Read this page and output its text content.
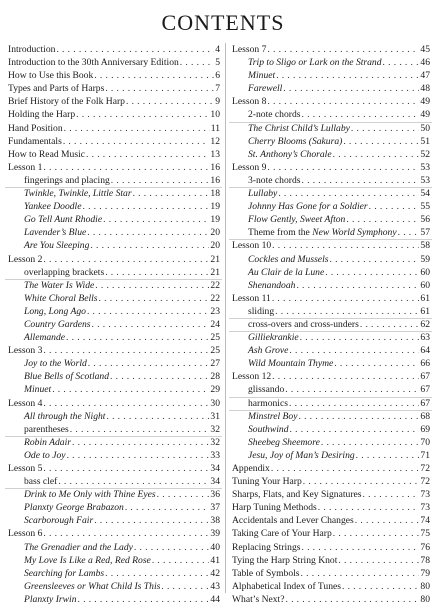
CONTENTS
Introduction . . .	4
Introduction to the 30th Anniversary Edition . . .	5
How to Use this Book . . .	6
Types and Parts of Harps . . .	7
Brief History of the Folk Harp . . .	9
Holding the Harp . . .	10
Hand Position . . .	11
Fundamentals . . .	12
How to Read Music . . .	13
Lesson 1 . . .	16
fingerings and placing . . .	16
Twinkle, Twinkle, Little Star . . .	18
Yankee Doodle . . .	19
Go Tell Aunt Rhodie . . .	19
Lavender’s Blue . . .	20
Are You Sleeping . . .	20
Lesson 2 . . .	21
overlapping brackets . . .	21
The Water Is Wide . . .	22
White Choral Bells . . .	22
Long, Long Ago . . .	23
Country Gardens . . .	24
Allemande . . .	25
Lesson 3 . . .	25
Joy to the World . . .	27
Blue Bells of Scotland . . .	28
Minuet . . .	29
Lesson 4 . . .	30
All through the Night . . .	31
parentheses . . .	32
Robin Adair . . .	32
Ode to Joy . . .	33
Lesson 5 . . .	34
bass clef . . .	34
Drink to Me Only with Thine Eyes . . .	36
Planxty George Brabazon . . .	37
Scarborough Fair . . .	38
Lesson 6 . . .	39
The Grenadier and the Lady . . .	40
My Love Is Like a Red, Red Rose . . .	41
Searching for Lambs . . .	42
Greensleeves or What Child Is This . . .	43
Planxty Irwin . . .	44
Lesson 7 . . .	45
Trip to Sligo or Lark on the Strand . . .	46
Minuet . . .	47
Farewell . . .	48
Lesson 8 . . .	49
2-note chords . . .	49
The Christ Child’s Lullaby . . .	50
Cherry Blooms (Sakura) . . .	51
St. Anthony’s Chorale . . .	52
Lesson 9 . . .	53
3-note chords . . .	53
Lullaby . . .	54
Johnny Has Gone for a Soldier . . .	55
Flow Gently, Sweet Afton . . .	56
Theme from the New World Symphony . . . 57
Lesson 10 . . .	58
Cockles and Mussels . . .	59
Au Clair de la Lune . . .	60
Shenandoah . . .	60
Lesson 11 . . .	61
sliding . . .	61
cross-overs and cross-unders . . .	62
Gilliekrankie . . .	63
Ash Grove . . .	64
Wild Mountain Thyme . . .	66
Lesson 12 . . .	67
glissando . . .	67
harmonics . . .	67
Minstrel Boy . . .	68
Southwind . . .	69
Sheebeg Sheemore . . .	70
Jesu, Joy of Man’s Desiring . . .	71
Appendix . . .	72
Tuning Your Harp . . .	72
Sharps, Flats, and Key Signatures . . .	73
Harp Tuning Methods . . .	73
Accidentals and Lever Changes . . .	74
Taking Care of Your Harp . . .	75
Replacing Strings . . .	76
Tying the Harp String Knot . . .	78
Table of Symbols . . .	79
Alphabetical Index of Tunes . . .	80
What’s Next? . . .	80
